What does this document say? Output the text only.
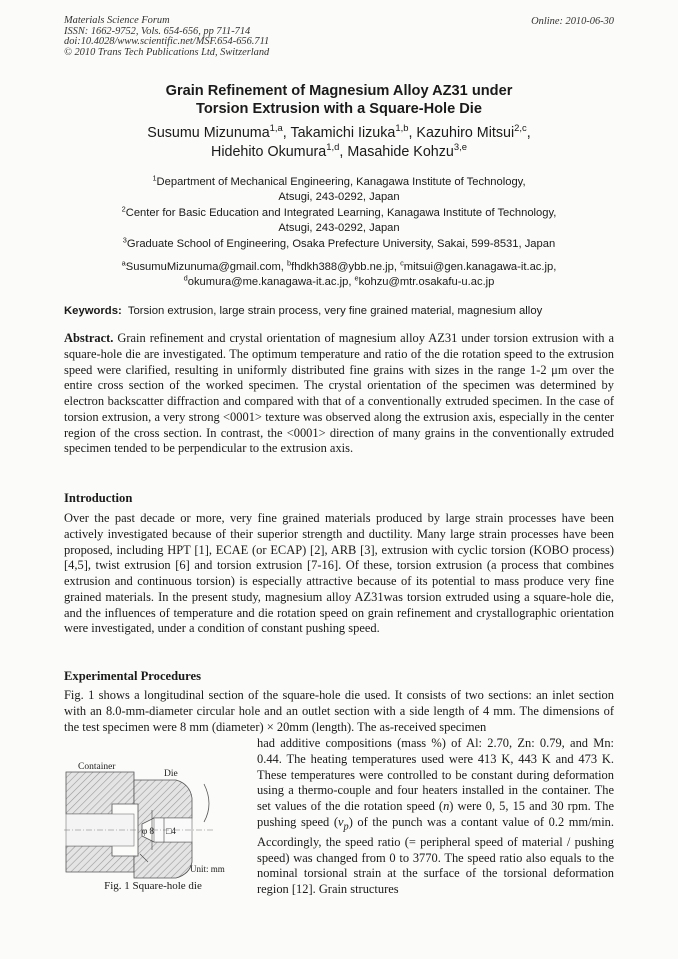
Materials Science Forum
ISSN: 1662-9752, Vols. 654-656, pp 711-714
doi:10.4028/www.scientific.net/MSF.654-656.711
© 2010 Trans Tech Publications Ltd, Switzerland
Online: 2010-06-30
Grain Refinement of Magnesium Alloy AZ31 under
Torsion Extrusion with a Square-Hole Die
Susumu Mizunuma$^{1,a}$, Takamichi Iizuka$^{1,b}$, Kazuhiro Mitsui$^{2,c}$,
Hidehito Okumura$^{1,d}$, Masahide Kohzu$^{3,e}$
$^1$Department of Mechanical Engineering, Kanagawa Institute of Technology,
Atsugi, 243-0292, Japan
$^2$Center for Basic Education and Integrated Learning, Kanagawa Institute of Technology,
Atsugi, 243-0292, Japan
$^3$Graduate School of Engineering, Osaka Prefecture University, Sakai, 599-8531, Japan
$^a$SusumuMizunuma@gmail.com, $^b$fhdkh388@ybb.ne.jp, $^c$mitsui@gen.kanagawa-it.ac.jp,
$^d$okumura@me.kanagawa-it.ac.jp, $^e$kohzu@mtr.osakafu-u.ac.jp
Keywords: Torsion extrusion, large strain process, very fine grained material, magnesium alloy
Abstract. Grain refinement and crystal orientation of magnesium alloy AZ31 under torsion extrusion with a square-hole die are investigated. The optimum temperature and ratio of the die rotation speed to the extrusion speed were clarified, resulting in uniformly distributed fine grains with sizes in the range 1-2 μm over the entire cross section of the worked specimen. The crystal orientation of the specimen was determined by electron backscatter diffraction and compared with that of a conventionally extruded specimen. In the case of torsion extrusion, a very strong <0001> texture was observed along the extrusion axis, especially in the center region of the cross section. In contrast, the <0001> direction of many grains in the conventionally extruded specimen tended to be perpendicular to the extrusion axis.
Introduction
Over the past decade or more, very fine grained materials produced by large strain processes have been actively investigated because of their superior strength and ductility. Many large strain processes have been proposed, including HPT [1], ECAE (or ECAP) [2], ARB [3], extrusion with cyclic torsion (KOBO process) [4,5], twist extrusion [6] and torsion extrusion [7-16]. Of these, torsion extrusion (a process that combines extrusion and continuous torsion) is especially attractive because of its potential to mass produce very fine grained materials. In the present study, magnesium alloy AZ31was torsion extruded using a square-hole die, and the influences of temperature and die rotation speed on grain refinement and crystallographic orientation were investigated, under a condition of constant pushing speed.
Experimental Procedures
Fig. 1 shows a longitudinal section of the square-hole die used. It consists of two sections: an inlet section with an 8.0-mm-diameter circular hole and an outlet section with a side length of 4 mm. The dimensions of the test specimen were 8 mm (diameter) × 20mm (length). The as-received specimen
had additive compositions (mass %) of Al: 2.70, Zn: 0.79, and Mn: 0.44. The heating temperatures used were 413 K, 443 K and 473 K. These temperatures were controlled to be constant during deformation using a thermo-couple and four heaters installed in the container. The set values of the die rotation speed (n) were 0, 5, 15 and 30 rpm. The pushing speed $(v_p)$ of the punch was a contant value of 0.2 mm/min. Accordingly, the speed ratio (= peripheral speed of material / pushing speed) was changed from 0 to 3770. The speed ratio also equals to the nominal torsional strain at the surface of the torsional deformation region [12]. Grain structures
Container
Die
φ 8 □4
Unit: mm
Fig. 1 Square-hole die
